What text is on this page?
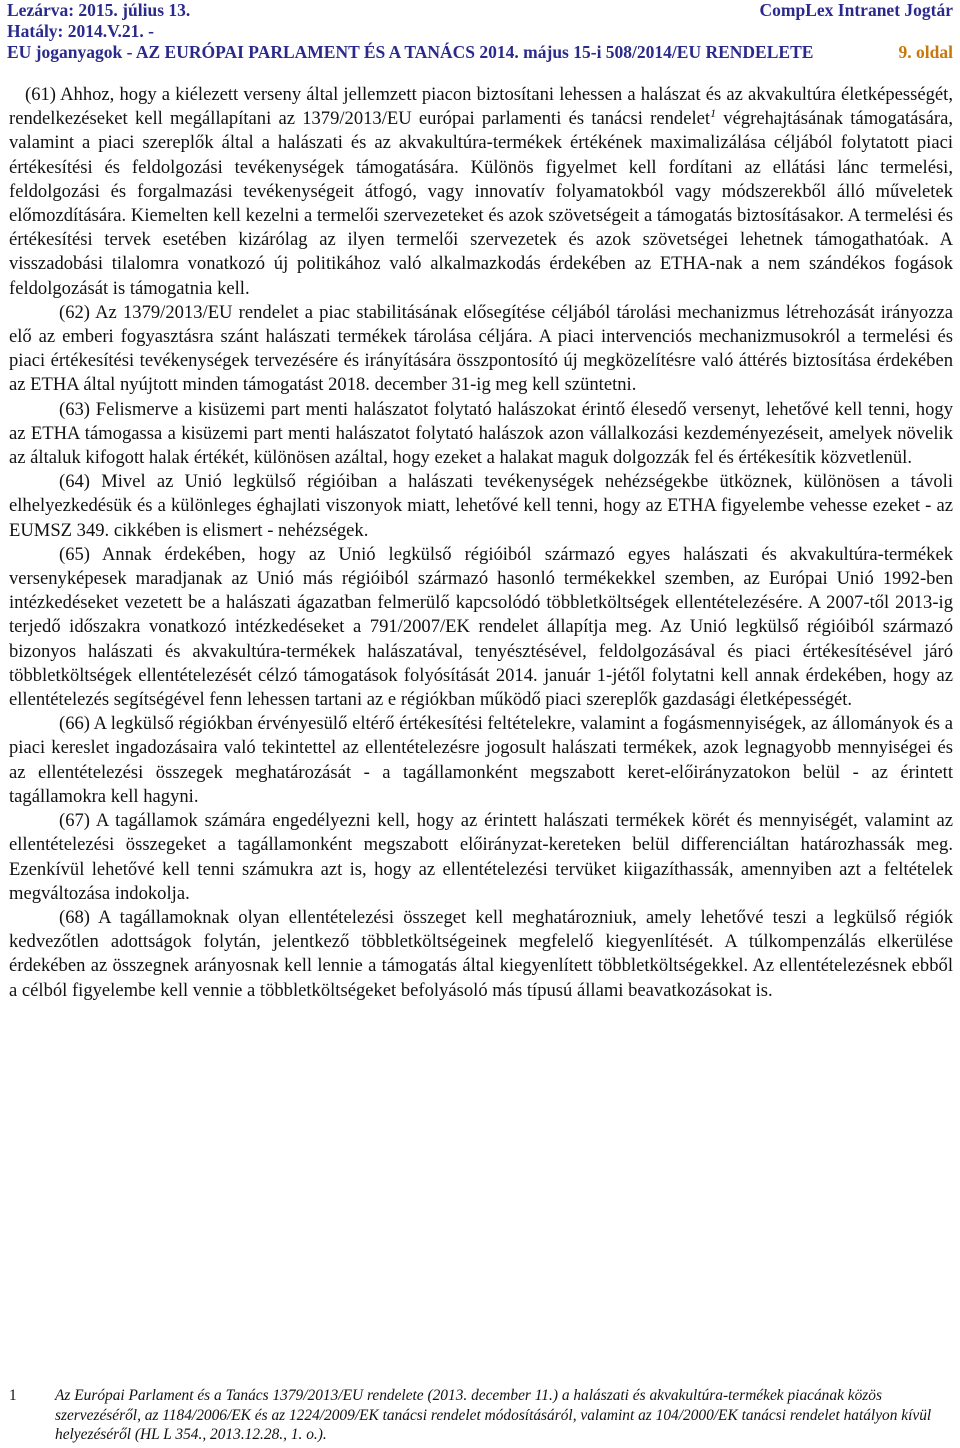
Lezárva: 2015. július 13.	CompLex Intranet Jogtár
Hatály: 2014.V.21. -
EU joganyagok - AZ EURÓPAI PARLAMENT ÉS A TANÁCS 2014. május 15-i 508/2014/EU RENDELETE	9. oldal

(61) Ahhoz, hogy a kiélezett verseny által jellemzett piacon biztosítani lehessen a halászat és az akvakultúra életképességét, rendelkezéseket kell megállapítani az 1379/2013/EU európai parlamenti és tanácsi rendelet$^1$ végrehajtásának támogatására, valamint a piaci szereplők által a halászati és az akvakultúra-termékek értékének maximalizálása céljából folytatott piaci értékesítési és feldolgozási tevékenységek támogatására. Különös figyelmet kell fordítani az ellátási lánc termelési, feldolgozási és forgalmazási tevékenységeit átfogó, vagy innovatív folyamatokból vagy módszerekből álló műveletek előmozdítására. Kiemelten kell kezelni a termelői szervezeteket és azok szövetségeit a támogatás biztosításakor. A termelési és értékesítési tervek esetében kizárólag az ilyen termelői szervezetek és azok szövetségei lehetnek támogathatóak. A visszadobási tilalomra vonatkozó új politikához való alkalmazkodás érdekében az ETHA-nak a nem szándékos fogások feldolgozását is támogatnia kell.

(62) Az 1379/2013/EU rendelet a piac stabilitásának elősegítése céljából tárolási mechanizmus létrehozását irányozza elő az emberi fogyasztásra szánt halászati termékek tárolása céljára. A piaci intervenciós mechanizmusokról a termelési és piaci értékesítési tevékenységek tervezésére és irányítására összpontosító új megközelítésre való áttérés biztosítása érdekében az ETHA által nyújtott minden támogatást 2018. december 31-ig meg kell szüntetni.

(63) Felismerve a kisüzemi part menti halászatot folytató halászokat érintő élesedő versenyt, lehetővé kell tenni, hogy az ETHA támogassa a kisüzemi part menti halászatot folytató halászok azon vállalkozási kezdeményezéseit, amelyek növelik az általuk kifogott halak értékét, különösen azáltal, hogy ezeket a halakat maguk dolgozzák fel és értékesítik közvetlenül.

(64) Mivel az Unió legkülső régióiban a halászati tevékenységek nehézségekbe ütköznek, különösen a távoli elhelyezkedésük és a különleges éghajlati viszonyok miatt, lehetővé kell tenni, hogy az ETHA figyelembe vehesse ezeket - az EUMSZ 349. cikkében is elismert - nehézségek.

(65) Annak érdekében, hogy az Unió legkülső régióiból származó egyes halászati és akvakultúra-termékek versenyképesek maradjanak az Unió más régióiból származó hasonló termékekkel szemben, az Európai Unió 1992-ben intézkedéseket vezetett be a halászati ágazatban felmerülő kapcsolódó többletköltségek ellentételezésére. A 2007-től 2013-ig terjedő időszakra vonatkozó intézkedéseket a 791/2007/EK rendelet állapítja meg. Az Unió legkülső régióiból származó bizonyos halászati és akvakultúra-termékek halászatával, tenyésztésével, feldolgozásával és piaci értékesítésével járó többletköltségek ellentételezését célzó támogatások folyósítását 2014. január 1-jétől folytatni kell annak érdekében, hogy az ellentételezés segítségével fenn lehessen tartani az e régiókban működő piaci szereplők gazdasági életképességét.

(66) A legkülső régiókban érvényesülő eltérő értékesítési feltételekre, valamint a fogásmennyiségek, az állományok és a piaci kereslet ingadozásaira való tekintettel az ellentételezésre jogosult halászati termékek, azok legnagyobb mennyiségei és az ellentételezési összegek meghatározását - a tagállamonként megszabott keret-előirányzatokon belül - az érintett tagállamokra kell hagyni.

(67) A tagállamok számára engedélyezni kell, hogy az érintett halászati termékek körét és mennyiségét, valamint az ellentételezési összegeket a tagállamonként megszabott előirányzat-kereteken belül differenciáltan határozhassák meg. Ezenkívül lehetővé kell tenni számukra azt is, hogy az ellentételezési tervüket kiigazíthassák, amennyiben azt a feltételek megváltozása indokolja.

(68) A tagállamoknak olyan ellentételezési összeget kell meghatározniuk, amely lehetővé teszi a legkülső régiók kedvezőtlen adottságok folytán, jelentkező többletköltségeinek megfelelő kiegyenlítését. A túlkompenzálás elkerülése érdekében az összegnek arányosnak kell lennie a támogatás által kiegyenlített többletköltségekkel. Az ellentételezésnek ebből a célból figyelembe kell vennie a többletköltségeket befolyásoló más típusú állami beavatkozásokat is.

1 Az Európai Parlament és a Tanács 1379/2013/EU rendelete (2013. december 11.) a halászati és akvakultúra-termékek piacának közös szervezéséről, az 1184/2006/EK és az 1224/2009/EK tanácsi rendelet módosításáról, valamint az 104/2000/EK tanácsi rendelet hatályon kívül helyezéséről (HL L 354., 2013.12.28., 1. o.).
